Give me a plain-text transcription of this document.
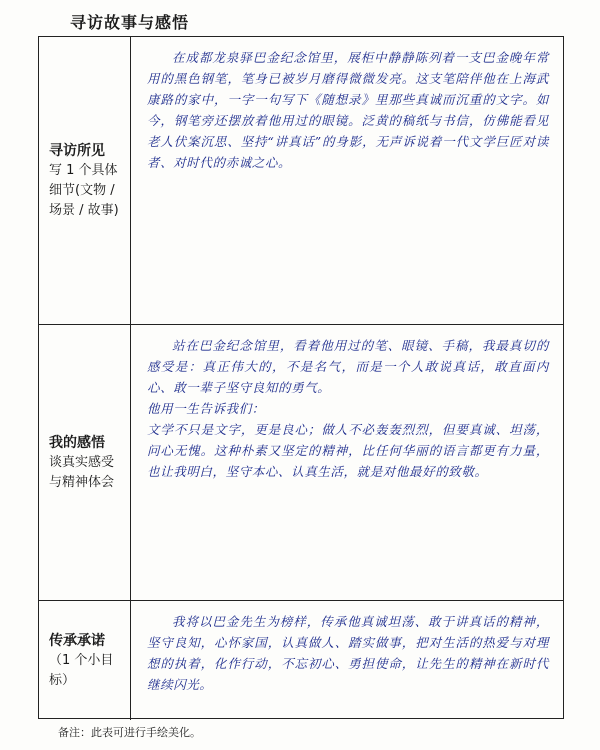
寻访故事与感悟
寻访所见
写 1 个具体细节(文物 / 场景 / 故事)

在成都龙泉驿巴金纪念馆里，展柜中静静陈列着一支巴金晚年常用的黑色钢笔，笔身已被岁月磨得微微发亮。这支笔陪伴他在上海武康路的家中，一字一句写下《随想录》里那些真诚而沉重的文字。如今，钢笔旁还摆放着他用过的眼镜。泛黄的稿纸与书信，仿佛能看见老人伏案沉思、坚持“讲真话”的身影，无声诉说着一代文学巨匠对读者、对时代的赤诚之心。

我的感悟
谈真实感受与精神体会

站在巴金纪念馆里，看着他用过的笔、眼镜、手稿，我最真切的感受是：真正伟大的，不是名气，而是一个人敢说真话，敢直面内心、敢一辈子坚守良知的勇气。

他用一生告诉我们：

文学不只是文字，更是良心；做人不必轰轰烈烈，但要真诚、坦荡，问心无愧。这种朴素又坚定的精神，比任何华丽的语言都更有力量，也让我明白，坚守本心、认真生活，就是对他最好的致敬。

传承承诺
（1 个小目标）

我将以巴金先生为榜样，传承他真诚坦荡、敢于讲真话的精神，坚守良知，心怀家国，认真做人、踏实做事，把对生活的热爱与对理想的执着，化作行动，不忘初心、勇担使命，让先生的精神在新时代继续闪光。

备注：此表可进行手绘美化。
